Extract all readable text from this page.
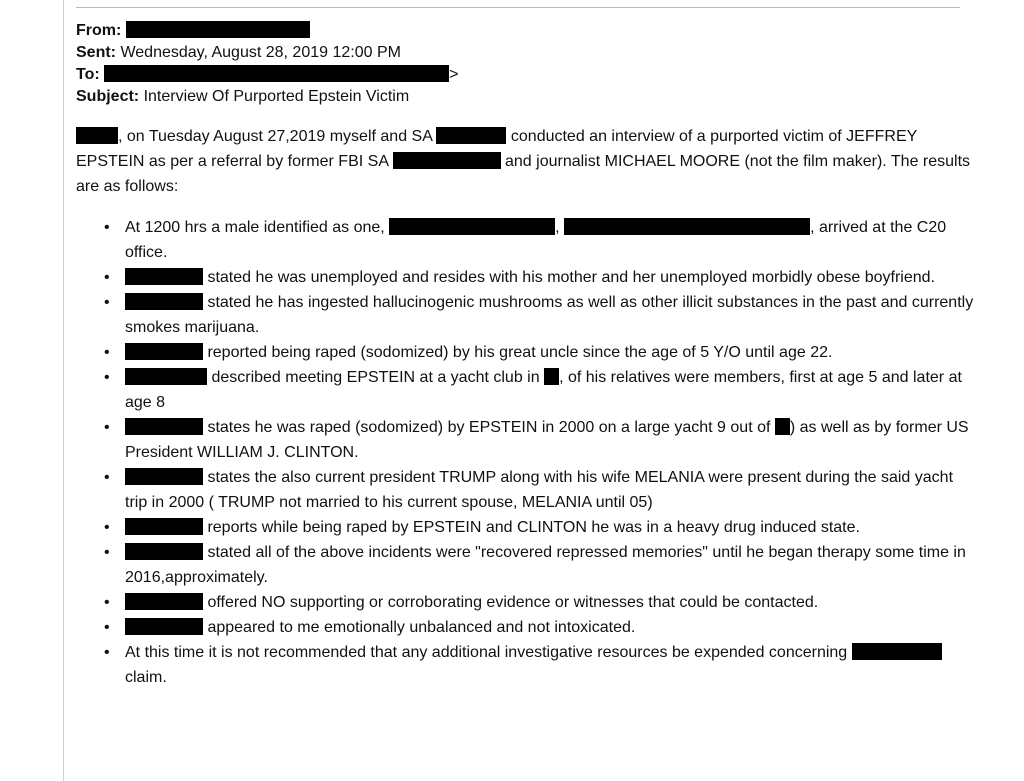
From:
Sent: Wednesday, August 28, 2019 12:00 PM
To:	>
Subject: Interview Of Purported Epstein Victim
, on Tuesday August 27,2019 myself and SA	conducted an interview of a purported victim of JEFFREY EPSTEIN as per a referral by former FBI SA	and journalist MICHAEL MOORE (not the film maker). The results are as follows:
• At 1200 hrs a male identified as one,	,	, arrived at the C20 office.
•	stated he was unemployed and resides with his mother and her unemployed morbidly obese boyfriend.
•	stated he has ingested hallucinogenic mushrooms as well as other illicit substances in the past and currently smokes marijuana.
•	reported being raped (sodomized) by his great uncle since the age of 5 Y/O until age 22.
•	described meeting EPSTEIN at a yacht club in , of his relatives were members, first at age 5 and later at age 8
•	states he was raped (sodomized) by EPSTEIN in 2000 on a large yacht 9 out of ) as well as by former US President WILLIAM J. CLINTON.
•	states the also current president TRUMP along with his wife MELANIA were present during the said yacht trip in 2000 ( TRUMP not married to his current spouse, MELANIA until 05)
•	reports while being raped by EPSTEIN and CLINTON he was in a heavy drug induced state.
•	stated all of the above incidents were "recovered repressed memories" until he began therapy some time in 2016,approximately.
•	offered NO supporting or corroborating evidence or witnesses that could be contacted.
•	appeared to me emotionally unbalanced and not intoxicated.
• At this time it is not recommended that any additional investigative resources be expended concerning  claim.
